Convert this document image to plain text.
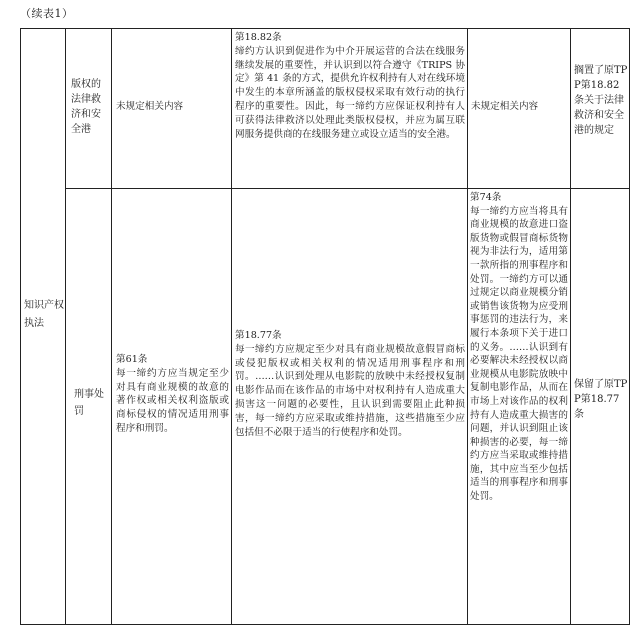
（续表1）
知识产权执法
版权的法律救济和安全港
未规定相关内容
第18.82条
缔约方认识到促进作为中介开展运营的合法在线服务继续发展的重要性，并认识到以符合遵守《TRIPS 协定》第 41 条的方式，提供允许权利持有人对在线环境中发生的本章所涵盖的版权侵权采取有效行动的执行程序的重要性。因此，每一缔约方应保证权利持有人可获得法律救济以处理此类版权侵权，并应为属互联网服务提供商的在线服务建立或设立适当的安全港。
未规定相关内容
搁置了原TPP第18.82条关于法律救济和安全港的规定
刑事处罚
第61条
每一缔约方应当规定至少对具有商业规模的故意的著作权或相关权利盗版或商标侵权的情况适用刑事程序和刑罚。
第18.77条
每一缔约方应规定至少对具有商业规模故意假冒商标或侵犯版权或相关权利的情况适用刑事程序和刑罚。……认识到处理从电影院的放映中未经授权复制电影作品而在该作品的市场中对权利持有人造成重大损害这一问题的必要性，且认识到需要阻止此种损害，每一缔约方应采取或维持措施，这些措施至少应包括但不必限于适当的行使程序和处罚。
第74条
每一缔约方应当将具有商业规模的故意进口盗版货物或假冒商标货物视为非法行为，适用第一款所指的刑事程序和处罚。一缔约方可以通过规定以商业规模分销或销售该货物为应受刑事惩罚的违法行为，来履行本条项下关于进口的义务。……认识到有必要解决未经授权以商业规模从电影院放映中复制电影作品，从而在市场上对该作品的权利持有人造成重大损害的问题，并认识到阻止该种损害的必要，每一缔约方应当采取或维持措施，其中应当至少包括适当的刑事程序和刑事处罚。
保留了原TPP第18.77条
